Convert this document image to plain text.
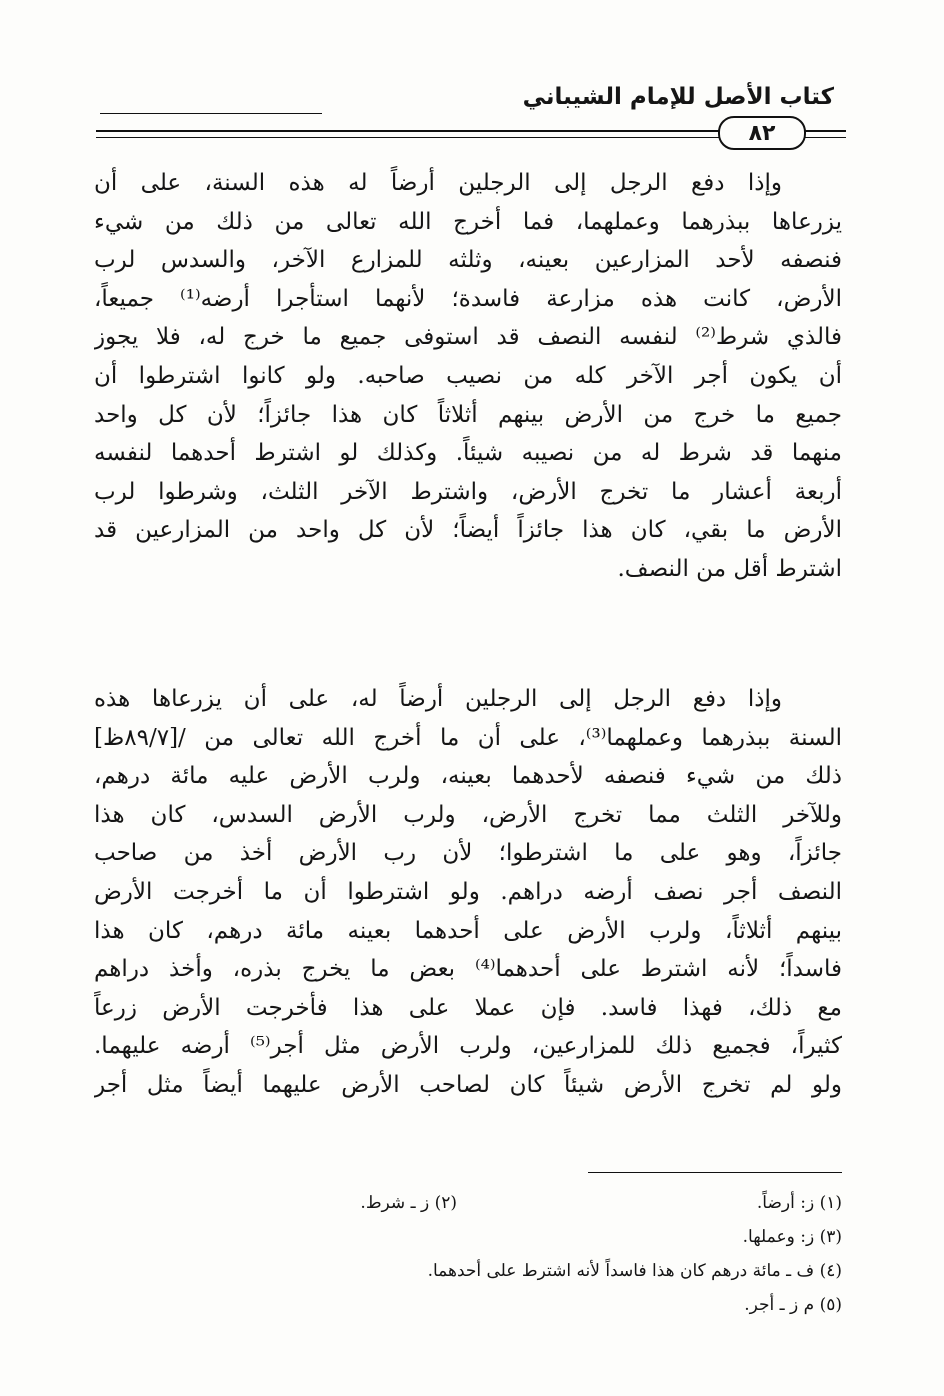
كتاب الأصل للإمام الشيباني
٨٢
وإذا دفع الرجل إلى الرجلين أرضاً له هذه السنة، على أن
يزرعاها ببذرهما وعملهما، فما أخرج الله تعالى من ذلك من شيء
فنصفه لأحد المزارعين بعينه، وثلثه للمزارع الآخر، والسدس لرب
الأرض، كانت هذه مزارعة فاسدة؛ لأنهما استأجرا أرضه⁽¹⁾ جميعاً،
فالذي شرط⁽²⁾ لنفسه النصف قد استوفى جميع ما خرج له، فلا يجوز
أن يكون أجر الآخر كله من نصيب صاحبه. ولو كانوا اشترطوا أن
جميع ما خرج من الأرض بينهم أثلاثاً كان هذا جائزاً؛ لأن كل واحد
منهما قد شرط له من نصيبه شيئاً. وكذلك لو اشترط أحدهما لنفسه
أربعة أعشار ما تخرج الأرض، واشترط الآخر الثلث، وشرطوا لرب
الأرض ما بقي، كان هذا جائزاً أيضاً؛ لأن كل واحد من المزارعين قد
اشترط أقل من النصف.
وإذا دفع الرجل إلى الرجلين أرضاً له، على أن يزرعاها هذه
السنة ببذرهما وعملهما⁽³⁾، على أن ما أخرج الله تعالى من /[٨٩/٧ظ]
ذلك من شيء فنصفه لأحدهما بعينه، ولرب الأرض عليه مائة درهم،
وللآخر الثلث مما تخرج الأرض، ولرب الأرض السدس، كان هذا
جائزاً، وهو على ما اشترطوا؛ لأن رب الأرض أخذ من صاحب
النصف أجر نصف أرضه دراهم. ولو اشترطوا أن ما أخرجت الأرض
بينهم أثلاثاً، ولرب الأرض على أحدهما بعينه مائة درهم، كان هذا
فاسداً؛ لأنه اشترط على أحدهما⁽⁴⁾ بعض ما يخرج بذره، وأخذ دراهم
مع ذلك، فهذا فاسد. فإن عملا على هذا فأخرجت الأرض زرعاً
كثيراً، فجميع ذلك للمزارعين، ولرب الأرض مثل أجر⁽⁵⁾ أرضه عليهما.
ولو لم تخرج الأرض شيئاً كان لصاحب الأرض عليهما أيضاً مثل أجر
(١) ز: أرضاً.
(٢) ز ـ شرط.
(٣) ز: وعملها.
(٤) ف ـ مائة درهم كان هذا فاسداً لأنه اشترط على أحدهما.
(٥) م ز ـ أجر.
